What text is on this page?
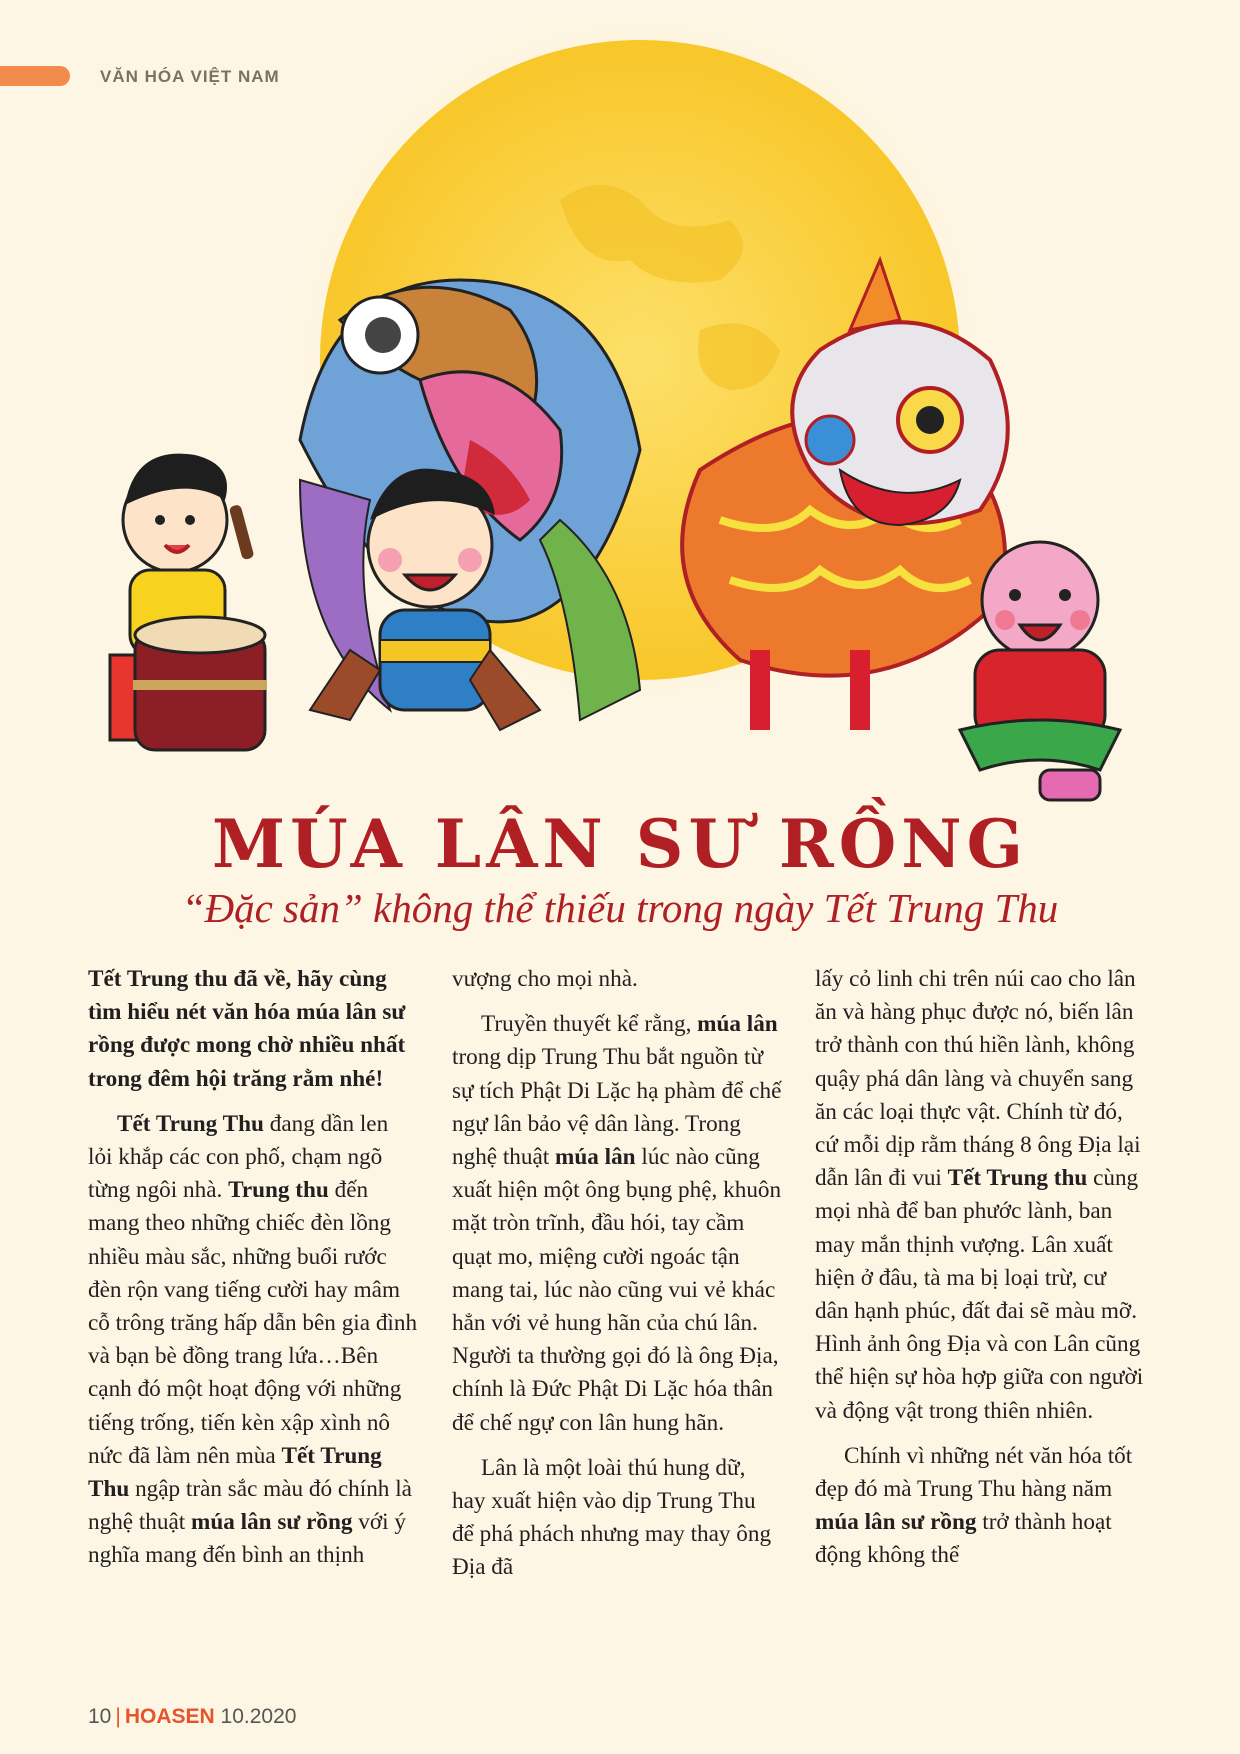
VĂN HÓA VIỆT NAM
MÚA LÂN SƯ RỒNG
“Đặc sản” không thể thiếu trong ngày Tết Trung Thu

Tết Trung thu đã về, hãy cùng tìm hiểu nét văn hóa múa lân sư rồng được mong chờ nhiều nhất trong đêm hội trăng rằm nhé!

Tết Trung Thu đang dần len lỏi khắp các con phố, chạm ngõ từng ngôi nhà. Trung thu đến mang theo những chiếc đèn lồng nhiều màu sắc, những buổi rước đèn rộn vang tiếng cười hay mâm cỗ trông trăng hấp dẫn bên gia đình và bạn bè đồng trang lứa…Bên cạnh đó một hoạt động với những tiếng trống, tiến kèn xập xình nô nức đã làm nên mùa Tết Trung Thu ngập tràn sắc màu đó chính là nghệ thuật múa lân sư rồng với ý nghĩa mang đến bình an thịnh

vượng cho mọi nhà.

Truyền thuyết kể rằng, múa lân trong dịp Trung Thu bắt nguồn từ sự tích Phật Di Lặc hạ phàm để chế ngự lân bảo vệ dân làng. Trong nghệ thuật múa lân lúc nào cũng xuất hiện một ông bụng phệ, khuôn mặt tròn trĩnh, đầu hói, tay cầm quạt mo, miệng cười ngoác tận mang tai, lúc nào cũng vui vẻ khác hẳn với vẻ hung hãn của chú lân. Người ta thường gọi đó là ông Địa, chính là Đức Phật Di Lặc hóa thân để chế ngự con lân hung hãn.

Lân là một loài thú hung dữ, hay xuất hiện vào dịp Trung Thu để phá phách nhưng may thay ông Địa đã

lấy cỏ linh chi trên núi cao cho lân ăn và hàng phục được nó, biến lân trở thành con thú hiền lành, không quậy phá dân làng và chuyển sang ăn các loại thực vật. Chính từ đó, cứ mỗi dịp rằm tháng 8 ông Địa lại dẫn lân đi vui Tết Trung thu cùng mọi nhà để ban phước lành, ban may mắn thịnh vượng. Lân xuất hiện ở đâu, tà ma bị loại trừ, cư dân hạnh phúc, đất đai sẽ màu mỡ. Hình ảnh ông Địa và con Lân cũng thể hiện sự hòa hợp giữa con người và động vật trong thiên nhiên.

Chính vì những nét văn hóa tốt đẹp đó mà Trung Thu hàng năm múa lân sư rồng trở thành hoạt động không thể

10 | HOASEN 10.2020
